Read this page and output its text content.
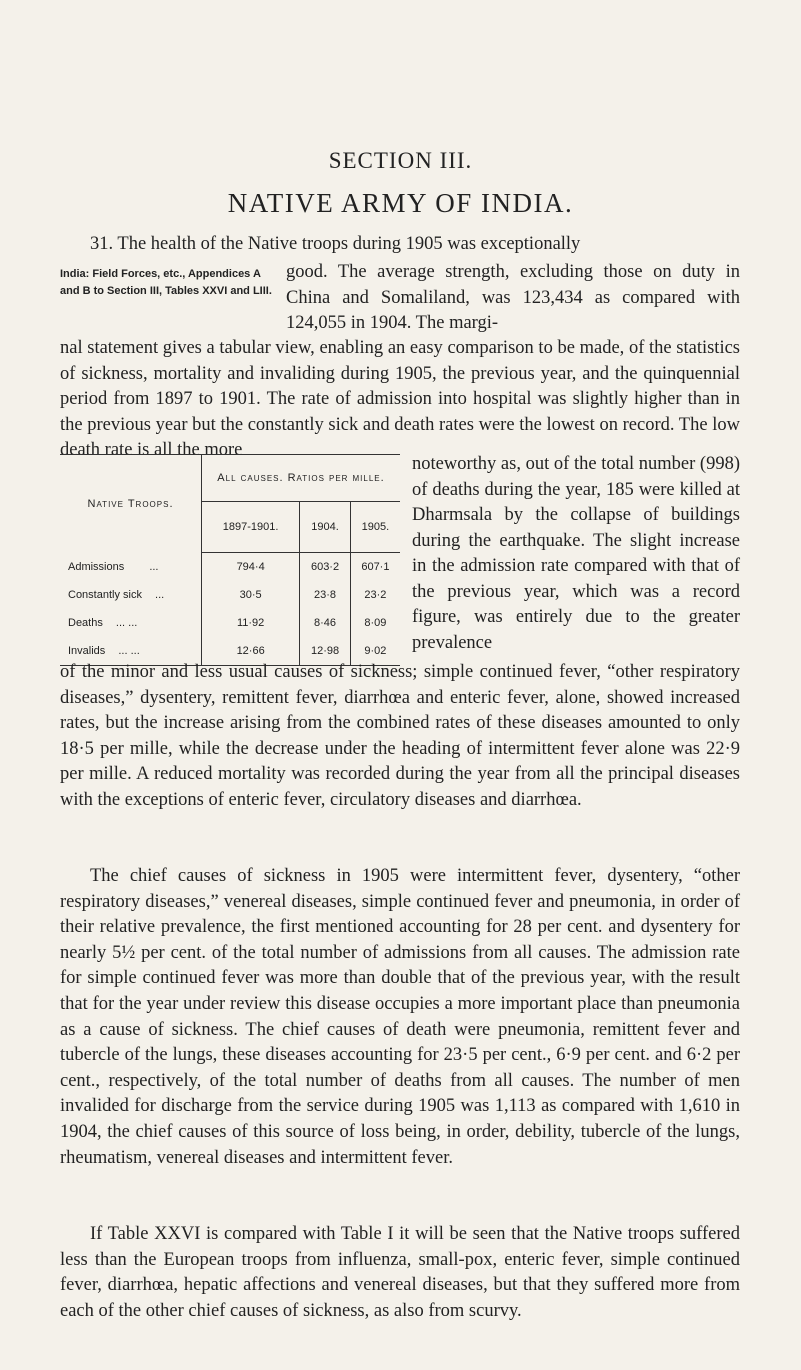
SECTION III.
NATIVE ARMY OF INDIA.
31. The health of the Native troops during 1905 was exceptionally
India: Field Forces, etc., Appendices A and B to Section III, Tables XXVI and LIII.
good. The average strength, excluding those on duty in China and Somaliland, was 123,434 as compared with 124,055 in 1904. The margi-
nal statement gives a tabular view, enabling an easy comparison to be made, of the statistics of sickness, mortality and invaliding during 1905, the previous year, and the quinquennial period from 1897 to 1901. The rate of admission into hospital was slightly higher than in the previous year but the constantly sick and death rates were the lowest on record. The low death rate is all the more
Native Troops.	All causes. Ratios per mille.		
	1897-1901.	1904.	1905.
Admissions ...	794·4	603·2	607·1
Constantly sick ...	30·5	23·8	23·2
Deaths ... ...	11·92	8·46	8·09
Invalids ... ...	12·66	12·98	9·02
noteworthy as, out of the total number (998) of deaths during the year, 185 were killed at Dharmsala by the collapse of buildings during the earthquake. The slight increase in the admission rate compared with that of the previous year, which was a record figure, was entirely due to the greater prevalence
of the minor and less usual causes of sickness; simple continued fever, “other respiratory diseases,” dysentery, remittent fever, diarrhœa and enteric fever, alone, showed increased rates, but the increase arising from the combined rates of these diseases amounted to only 18·5 per mille, while the decrease under the heading of intermittent fever alone was 22·9 per mille. A reduced mortality was recorded during the year from all the principal diseases with the exceptions of enteric fever, circulatory diseases and diarrhœa.
The chief causes of sickness in 1905 were intermittent fever, dysentery, “other respiratory diseases,” venereal diseases, simple continued fever and pneumonia, in order of their relative prevalence, the first mentioned accounting for 28 per cent. and dysentery for nearly 5½ per cent. of the total number of admissions from all causes. The admission rate for simple continued fever was more than double that of the previous year, with the result that for the year under review this disease occupies a more important place than pneumonia as a cause of sickness. The chief causes of death were pneumonia, remittent fever and tubercle of the lungs, these diseases accounting for 23·5 per cent., 6·9 per cent. and 6·2 per cent., respectively, of the total number of deaths from all causes. The number of men invalided for discharge from the service during 1905 was 1,113 as compared with 1,610 in 1904, the chief causes of this source of loss being, in order, debility, tubercle of the lungs, rheumatism, venereal diseases and intermittent fever.
If Table XXVI is compared with Table I it will be seen that the Native troops suffered less than the European troops from influenza, small-pox, enteric fever, simple continued fever, diarrhœa, hepatic affections and venereal diseases, but that they suffered more from each of the other chief causes of sickness, as also from scurvy.
